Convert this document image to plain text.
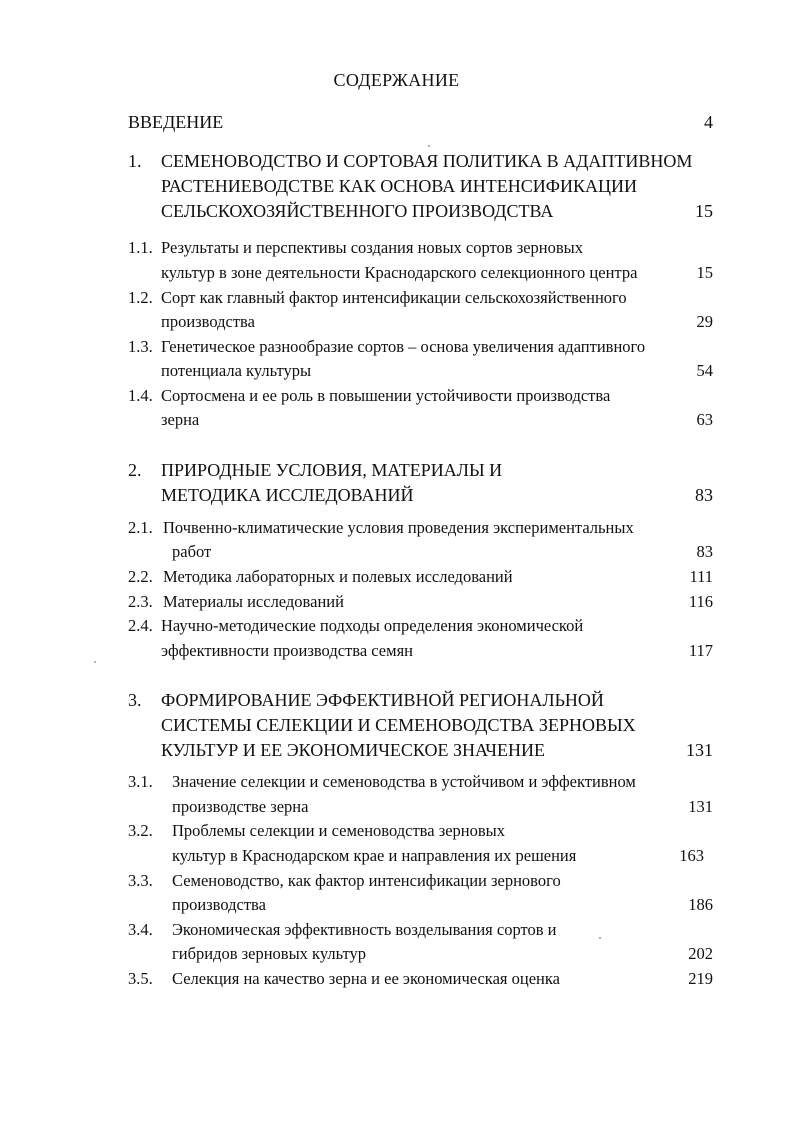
СОДЕРЖАНИЕ
ВВЕДЕНИЕ	4
1. СЕМЕНОВОДСТВО И СОРТОВАЯ ПОЛИТИКА В АДАПТИВНОМ
РАСТЕНИЕВОДСТВЕ КАК ОСНОВА ИНТЕНСИФИКАЦИИ
СЕЛЬСКОХОЗЯЙСТВЕННОГО ПРОИЗВОДСТВА	15
1.1. Результаты и перспективы создания новых сортов зерновых
культур в зоне деятельности Краснодарского селекционного центра	15
1.2. Сорт как главный фактор интенсификации сельскохозяйственного
производства	29
1.3. Генетическое разнообразие сортов – основа увеличения адаптивного
потенциала культуры	54
1.4. Сортосмена и ее роль в повышении устойчивости производства
зерна	63
2. ПРИРОДНЫЕ УСЛОВИЯ, МАТЕРИАЛЫ И
МЕТОДИКА ИССЛЕДОВАНИЙ	83
2.1. Почвенно-климатические условия проведения экспериментальных
работ	83
2.2. Методика лабораторных и полевых исследований	111
2.3. Материалы исследований	116
2.4. Научно-методические подходы определения экономической
эффективности производства семян	117
3. ФОРМИРОВАНИЕ ЭФФЕКТИВНОЙ РЕГИОНАЛЬНОЙ
СИСТЕМЫ СЕЛЕКЦИИ И СЕМЕНОВОДСТВА ЗЕРНОВЫХ
КУЛЬТУР И ЕЕ ЭКОНОМИЧЕСКОЕ ЗНАЧЕНИЕ	131
3.1. Значение селекции и семеноводства в устойчивом и эффективном
производстве зерна	131
3.2. Проблемы селекции и семеноводства зерновых
культур в Краснодарском крае и направления их решения	163
3.3. Семеноводство, как фактор интенсификации зернового
производства	186
3.4. Экономическая эффективность возделывания сортов и
гибридов зерновых культур	202
3.5. Селекция на качество зерна и ее экономическая оценка	219
